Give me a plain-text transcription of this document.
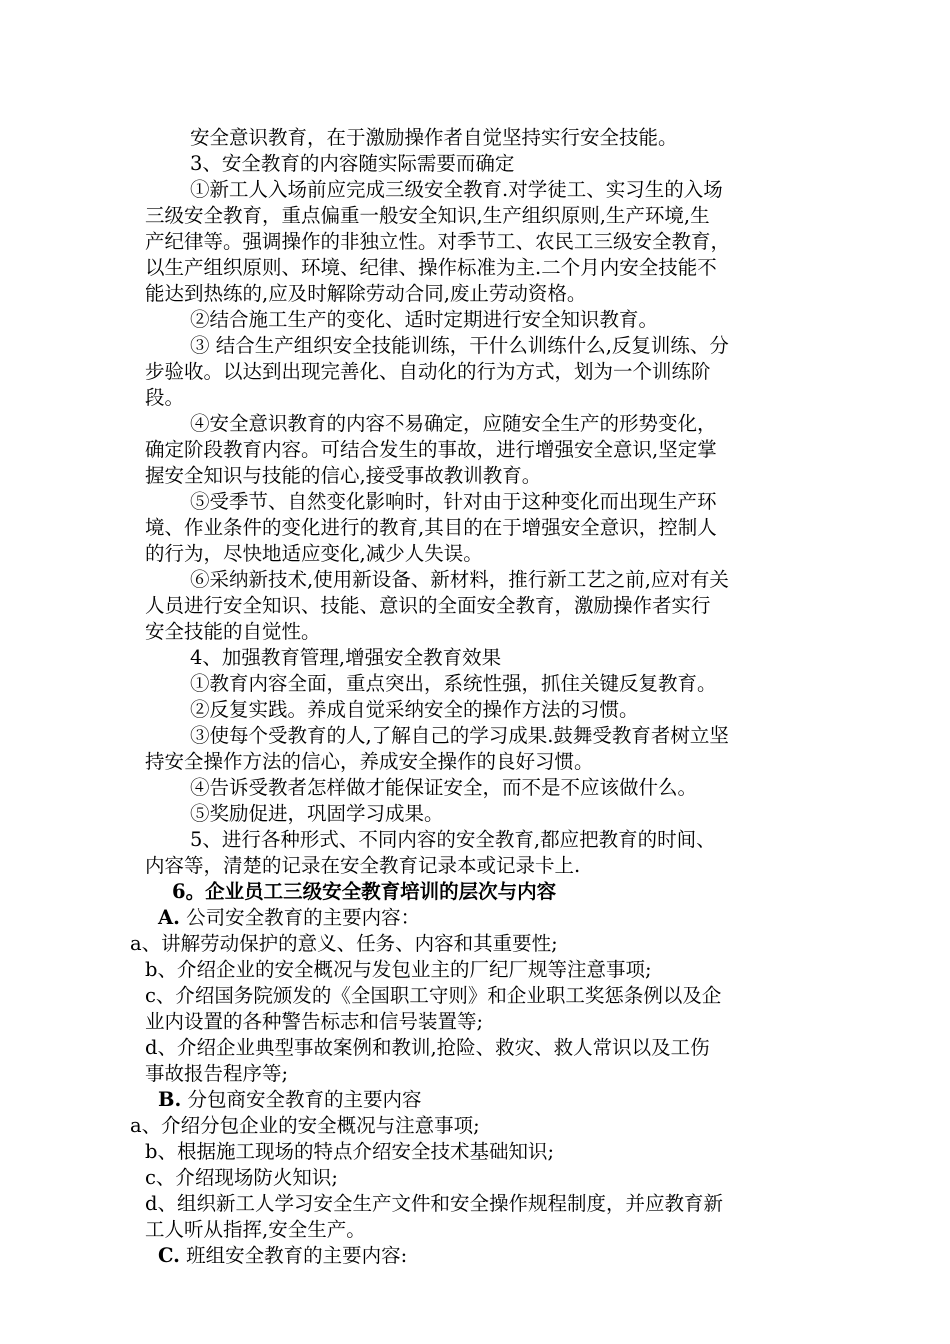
安全意识教育，在于激励操作者自觉坚持实行安全技能。
3、安全教育的内容随实际需要而确定
①新工人入场前应完成三级安全教育.对学徒工、实习生的入场
三级安全教育，重点偏重一般安全知识,生产组织原则,生产环境,生
产纪律等。强调操作的非独立性。对季节工、农民工三级安全教育，
以生产组织原则、环境、纪律、操作标准为主.二个月内安全技能不
能达到热练的,应及时解除劳动合同,废止劳动资格。
②结合施工生产的变化、适时定期进行安全知识教育。
③ 结合生产组织安全技能训练，干什么训练什么,反复训练、分
步验收。以达到出现完善化、自动化的行为方式，划为一个训练阶
段。
④安全意识教育的内容不易确定，应随安全生产的形势变化，
确定阶段教育内容。可结合发生的事故，进行增强安全意识,坚定掌
握安全知识与技能的信心,接受事故教训教育。
⑤受季节、自然变化影响时，针对由于这种变化而出现生产环
境、作业条件的变化进行的教育,其目的在于增强安全意识，控制人
的行为，尽快地适应变化,减少人失误。
⑥采纳新技术,使用新设备、新材料，推行新工艺之前,应对有关
人员进行安全知识、技能、意识的全面安全教育，激励操作者实行
安全技能的自觉性。
4、加强教育管理,增强安全教育效果
①教育内容全面，重点突出，系统性强，抓住关键反复教育。
②反复实践。养成自觉采纳安全的操作方法的习惯。
③使每个受教育的人,了解自己的学习成果.鼓舞受教育者树立坚
持安全操作方法的信心，养成安全操作的良好习惯。
④告诉受教者怎样做才能保证安全，而不是不应该做什么。
⑤奖励促进，巩固学习成果。
5、进行各种形式、不同内容的安全教育,都应把教育的时间、
内容等，清楚的记录在安全教育记录本或记录卡上.
6。企业员工三级安全教育培训的层次与内容
A. 公司安全教育的主要内容：
a、讲解劳动保护的意义、任务、内容和其重要性;
b、介绍企业的安全概况与发包业主的厂纪厂规等注意事项;
c、介绍国务院颁发的《全国职工守则》和企业职工奖惩条例以及企
业内设置的各种警告标志和信号装置等;
d、介绍企业典型事故案例和教训,抢险、救灾、救人常识以及工伤
事故报告程序等;
B. 分包商安全教育的主要内容
a、介绍分包企业的安全概况与注意事项;
b、根据施工现场的特点介绍安全技术基础知识;
c、介绍现场防火知识;
d、组织新工人学习安全生产文件和安全操作规程制度，并应教育新
工人听从指挥,安全生产。
C. 班组安全教育的主要内容:
